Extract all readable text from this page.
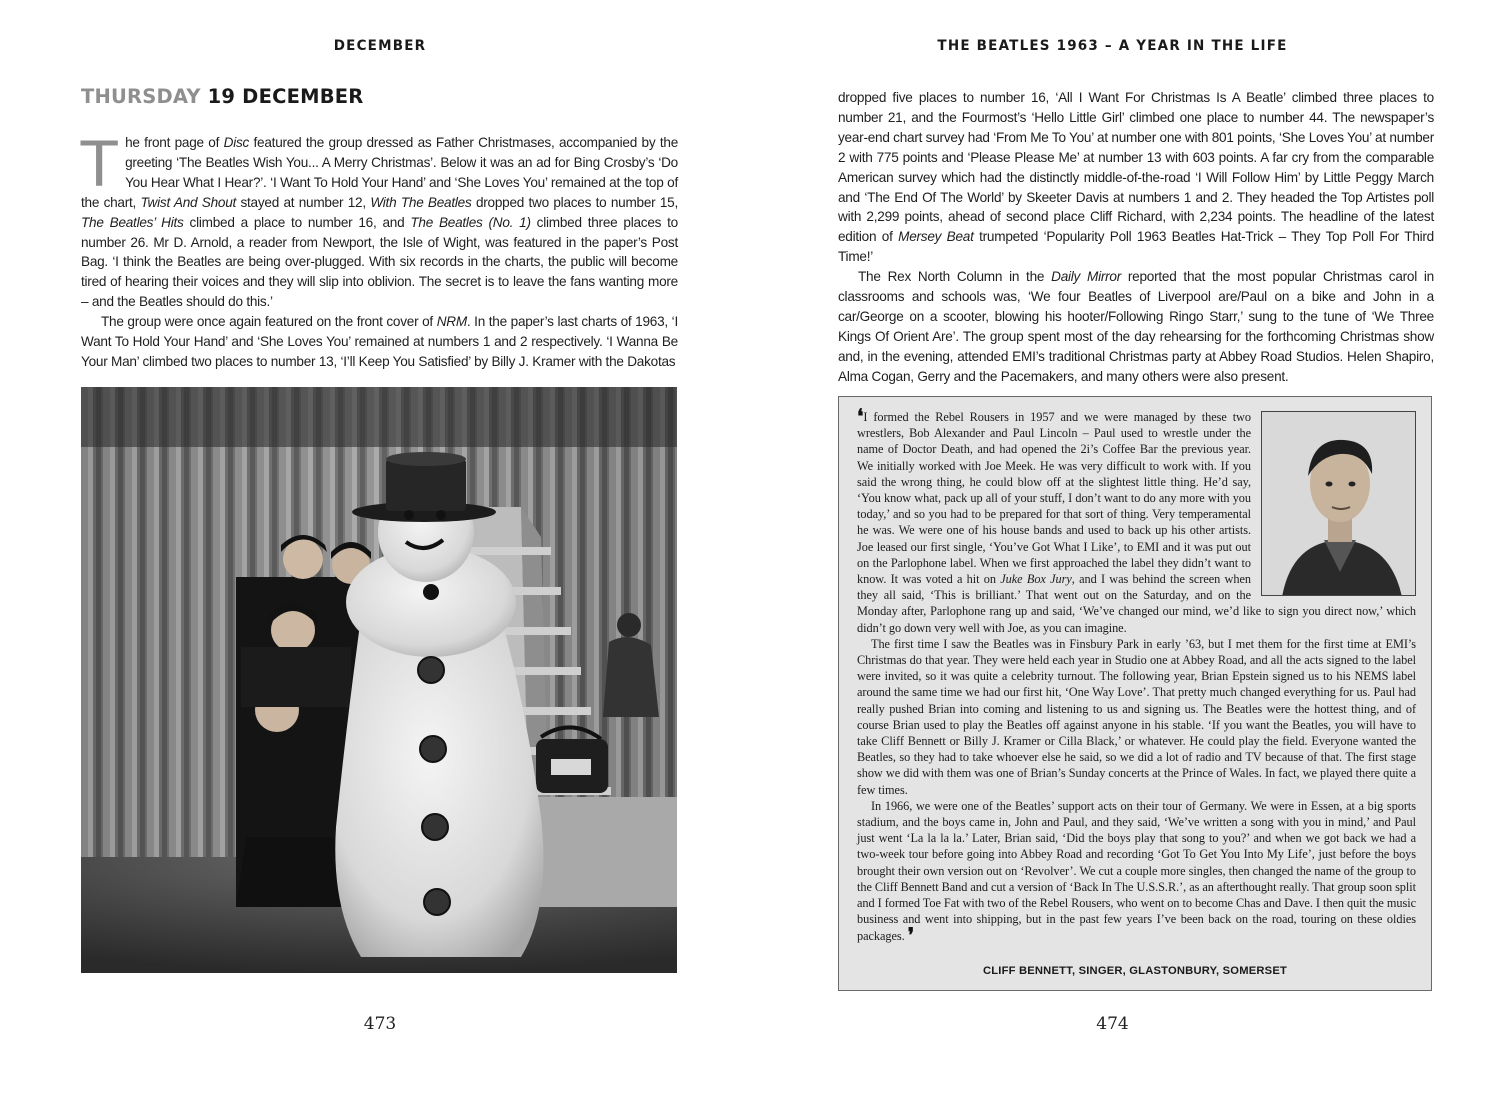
DECEMBER
THURSDAY 19 DECEMBER

The front page of Disc featured the group dressed as Father Christmases, accompanied by the greeting ‘The Beatles Wish You... A Merry Christmas’. Below it was an ad for Bing Crosby’s ‘Do You Hear What I Hear?’. ‘I Want To Hold Your Hand’ and ‘She Loves You’ remained at the top of the chart, Twist And Shout stayed at number 12, With The Beatles dropped two places to number 15, The Beatles’ Hits climbed a place to number 16, and The Beatles (No. 1) climbed three places to number 26. Mr D. Arnold, a reader from Newport, the Isle of Wight, was featured in the paper’s Post Bag. ‘I think the Beatles are being over-plugged. With six records in the charts, the public will become tired of hearing their voices and they will slip into oblivion. The secret is to leave the fans wanting more – and the Beatles should do this.’

The group were once again featured on the front cover of NRM. In the paper’s last charts of 1963, ‘I Want To Hold Your Hand’ and ‘She Loves You’ remained at numbers 1 and 2 respectively. ‘I Wanna Be Your Man’ climbed two places to number 13, ‘I’ll Keep You Satisfied’ by Billy J. Kramer with the Dakotas

473
THE BEATLES 1963 – A YEAR IN THE LIFE
474

dropped five places to number 16, ‘All I Want For Christmas Is A Beatle’ climbed three places to number 21, and the Fourmost’s ‘Hello Little Girl’ climbed one place to number 44. The newspaper’s year-end chart survey had ‘From Me To You’ at number one with 801 points, ‘She Loves You’ at number 2 with 775 points and ‘Please Please Me’ at number 13 with 603 points. A far cry from the comparable American survey which had the distinctly middle-of-the-road ‘I Will Follow Him’ by Little Peggy March and ‘The End Of The World’ by Skeeter Davis at numbers 1 and 2. They headed the Top Artistes poll with 2,299 points, ahead of second place Cliff Richard, with 2,234 points. The headline of the latest edition of Mersey Beat trumpeted ‘Popularity Poll 1963 Beatles Hat-Trick – They Top Poll For Third Time!’

The Rex North Column in the Daily Mirror reported that the most popular Christmas carol in classrooms and schools was, ‘We four Beatles of Liverpool are/Paul on a bike and John in a car/George on a scooter, blowing his hooter/Following Ringo Starr,’ sung to the tune of ‘We Three Kings Of Orient Are’. The group spent most of the day rehearsing for the forthcoming Christmas show and, in the evening, attended EMI’s traditional Christmas party at Abbey Road Studios. Helen Shapiro, Alma Cogan, Gerry and the Pacemakers, and many others were also present.

❛I formed the Rebel Rousers in 1957 and we were managed by these two wrestlers, Bob Alexander and Paul Lincoln – Paul used to wrestle under the name of Doctor Death, and had opened the 2i’s Coffee Bar the previous year. We initially worked with Joe Meek. He was very difficult to work with. If you said the wrong thing, he could blow off at the slightest little thing. He’d say, ‘You know what, pack up all of your stuff, I don’t want to do any more with you today,’ and so you had to be prepared for that sort of thing. Very temperamental he was. We were one of his house bands and used to back up his other artists. Joe leased our first single, ‘You’ve Got What I Like’, to EMI and it was put out on the Parlophone label. When we first approached the label they didn’t want to know. It was voted a hit on Juke Box Jury, and I was behind the screen when they all said, ‘This is brilliant.’ That went out on the Saturday, and on the Monday after, Parlophone rang up and said, ‘We’ve changed our mind, we’d like to sign you direct now,’ which didn’t go down very well with Joe, as you can imagine.

The first time I saw the Beatles was in Finsbury Park in early ’63, but I met them for the first time at EMI’s Christmas do that year. They were held each year in Studio one at Abbey Road, and all the acts signed to the label were invited, so it was quite a celebrity turnout. The following year, Brian Epstein signed us to his NEMS label around the same time we had our first hit, ‘One Way Love’. That pretty much changed everything for us. Paul had really pushed Brian into coming and listening to us and signing us. The Beatles were the hottest thing, and of course Brian used to play the Beatles off against anyone in his stable. ‘If you want the Beatles, you will have to take Cliff Bennett or Billy J. Kramer or Cilla Black,’ or whatever. He could play the field. Everyone wanted the Beatles, so they had to take whoever else he said, so we did a lot of radio and TV because of that. The first stage show we did with them was one of Brian’s Sunday concerts at the Prince of Wales. In fact, we played there quite a few times.

In 1966, we were one of the Beatles’ support acts on their tour of Germany. We were in Essen, at a big sports stadium, and the boys came in, John and Paul, and they said, ‘We’ve written a song with you in mind,’ and Paul just went ‘La la la la.’ Later, Brian said, ‘Did the boys play that song to you?’ and when we got back we had a two-week tour before going into Abbey Road and recording ‘Got To Get You Into My Life’, just before the boys brought their own version out on ‘Revolver’. We cut a couple more singles, then changed the name of the group to the Cliff Bennett Band and cut a version of ‘Back In The U.S.S.R.’, as an afterthought really. That group soon split and I formed Toe Fat with two of the Rebel Rousers, who went on to become Chas and Dave. I then quit the music business and went into shipping, but in the past few years I’ve been back on the road, touring on these oldies packages. ❜

CLIFF BENNETT, SINGER, GLASTONBURY, SOMERSET
